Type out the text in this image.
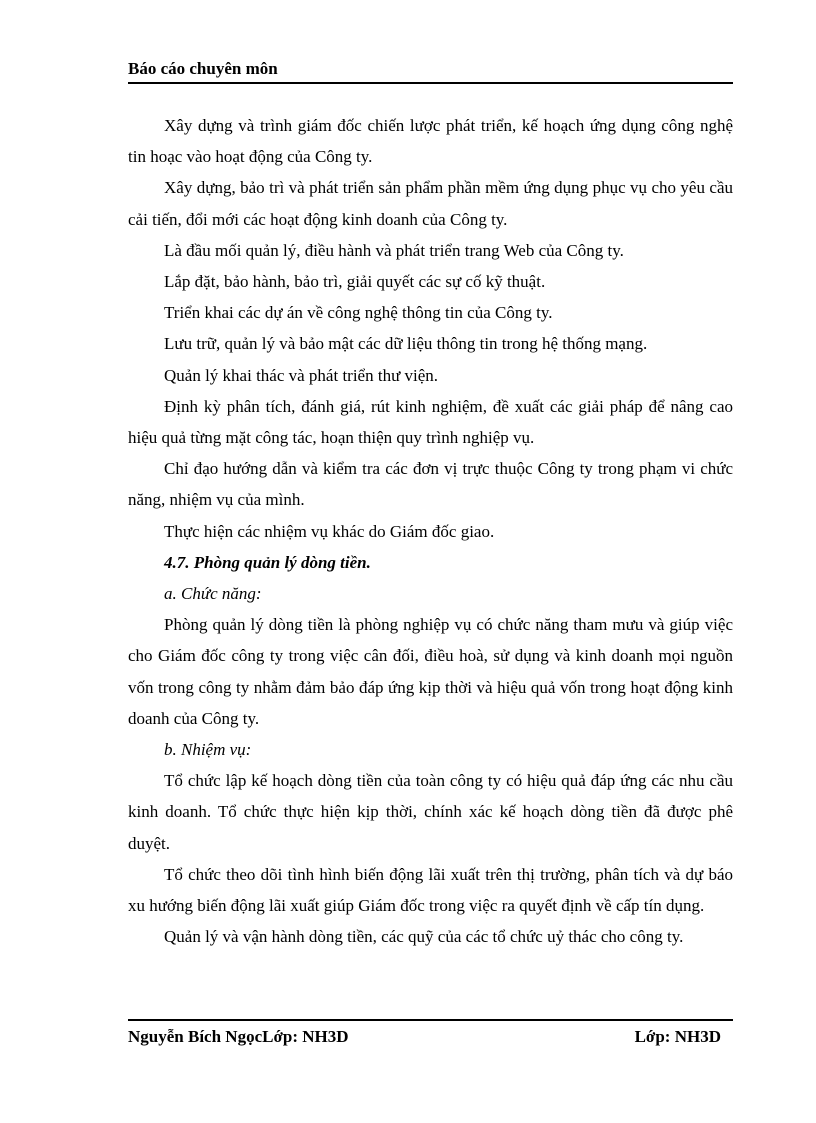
Báo cáo chuyên môn

Xây dựng và trình giám đốc chiến lược phát triển, kế hoạch ứng dụng công nghệ tin hoạc vào hoạt động của Công ty.

Xây dựng, bảo trì và phát triển sản phẩm phần mềm ứng dụng phục vụ cho yêu cầu cải tiến, đổi mới các hoạt động kinh doanh của Công ty.

Là đầu mối quản lý, điều hành và phát triển trang Web của Công ty.

Lắp đặt, bảo hành, bảo trì, giải quyết các sự cố kỹ thuật.

Triển khai các dự án về công nghệ thông tin của Công ty.

Lưu trữ, quản lý và bảo mật các dữ liệu thông tin trong hệ thống mạng.

Quản lý khai thác và phát triển thư viện.

Định kỳ phân tích, đánh giá, rút kinh nghiệm, đề xuất các giải pháp để nâng cao hiệu quả từng mặt công tác, hoạn thiện quy trình nghiệp vụ.

Chỉ đạo hướng dẫn và kiểm tra các đơn vị trực thuộc Công ty trong phạm vi chức năng, nhiệm vụ của mình.

Thực hiện các nhiệm vụ khác do Giám đốc giao.

4.7. Phòng quản lý dòng tiền.

a. Chức năng:

Phòng quản lý dòng tiền là phòng nghiệp vụ có chức năng tham mưu và giúp việc cho Giám đốc công ty trong việc cân đối, điều hoà, sử dụng và kinh doanh mọi nguồn vốn trong công ty nhằm đảm bảo đáp ứng kịp thời và hiệu quả vốn trong hoạt động kinh doanh của Công ty.

b. Nhiệm vụ:

Tổ chức lập kế hoạch dòng tiền của toàn công ty có hiệu quả đáp ứng các nhu cầu kinh doanh. Tổ chức thực hiện kịp thời, chính xác kế hoạch dòng tiền đã được phê duyệt.

Tổ chức theo dõi tình hình biến động lãi xuất trên thị trường, phân tích và dự báo xu hướng biến động lãi xuất giúp Giám đốc trong việc ra quyết định về cấp tín dụng.

Quản lý và vận hành dòng tiền, các quỹ của các tổ chức uỷ thác cho công ty.

Nguyễn Bích NgọcLớp: NH3D	Lớp: NH3D
